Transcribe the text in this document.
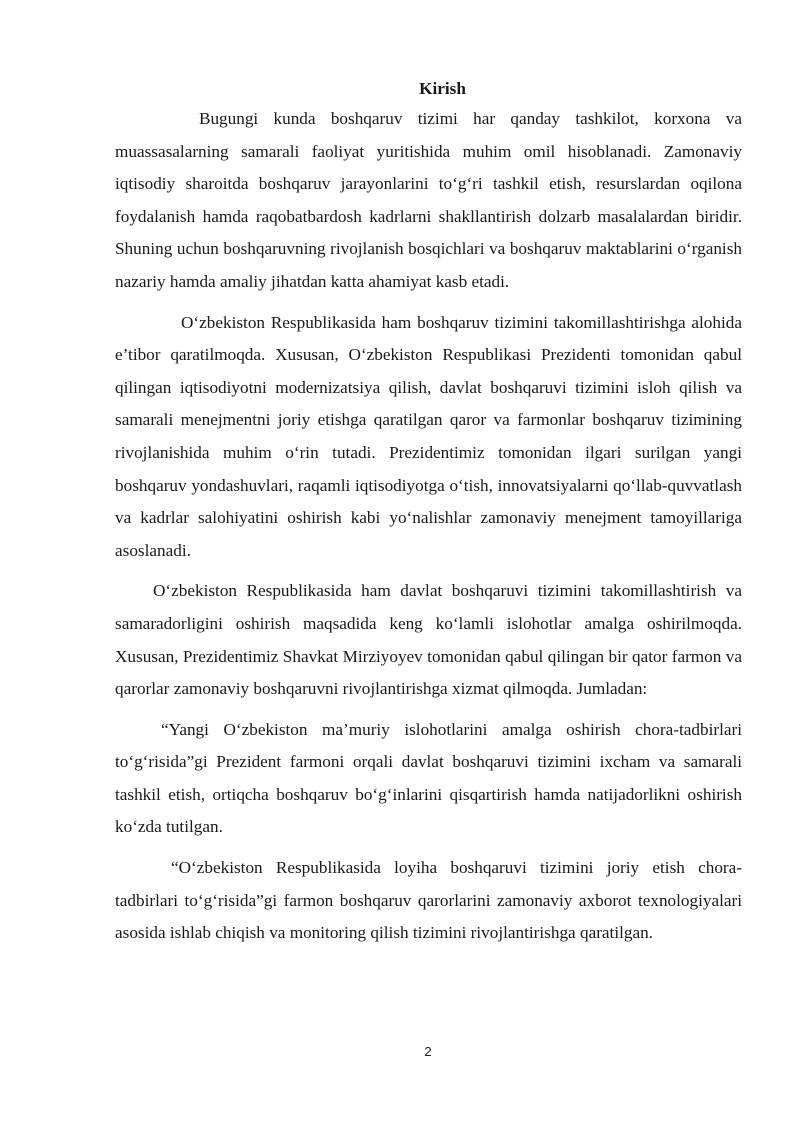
Kirish

Bugungi kunda boshqaruv tizimi har qanday tashkilot, korxona va muassasalarning samarali faoliyat yuritishida muhim omil hisoblanadi. Zamonaviy iqtisodiy sharoitda boshqaruv jarayonlarini to‘g‘ri tashkil etish, resurslardan oqilona foydalanish hamda raqobatbardosh kadrlarni shakllantirish dolzarb masalalardan biridir. Shuning uchun boshqaruvning rivojlanish bosqichlari va boshqaruv maktablarini o‘rganish nazariy hamda amaliy jihatdan katta ahamiyat kasb etadi.

O‘zbekiston Respublikasida ham boshqaruv tizimini takomillashtirishga alohida e’tibor qaratilmoqda. Xususan, O‘zbekiston Respublikasi Prezidenti tomonidan qabul qilingan iqtisodiyotni modernizatsiya qilish, davlat boshqaruvi tizimini isloh qilish va samarali menejmentni joriy etishga qaratilgan qaror va farmonlar boshqaruv tizimining rivojlanishida muhim o‘rin tutadi. Prezidentimiz tomonidan ilgari surilgan yangi boshqaruv yondashuvlari, raqamli iqtisodiyotga o‘tish, innovatsiyalarni qo‘llab-quvvatlash va kadrlar salohiyatini oshirish kabi yo‘nalishlar zamonaviy menejment tamoyillariga asoslanadi.

O‘zbekiston Respublikasida ham davlat boshqaruvi tizimini takomillashtirish va samaradorligini oshirish maqsadida keng ko‘lamli islohotlar amalga oshirilmoqda. Xususan, Prezidentimiz Shavkat Mirziyoyev tomonidan qabul qilingan bir qator farmon va qarorlar zamonaviy boshqaruvni rivojlantirishga xizmat qilmoqda. Jumladan:

“Yangi O‘zbekiston ma’muriy islohotlarini amalga oshirish chora-tadbirlari to‘g‘risida”gi Prezident farmoni orqali davlat boshqaruvi tizimini ixcham va samarali tashkil etish, ortiqcha boshqaruv bo‘g‘inlarini qisqartirish hamda natijadorlikni oshirish ko‘zda tutilgan.

“O‘zbekiston Respublikasida loyiha boshqaruvi tizimini joriy etish chora-tadbirlari to‘g‘risida”gi farmon boshqaruv qarorlarini zamonaviy axborot texnologiyalari asosida ishlab chiqish va monitoring qilish tizimini rivojlantirishga qaratilgan.

2
